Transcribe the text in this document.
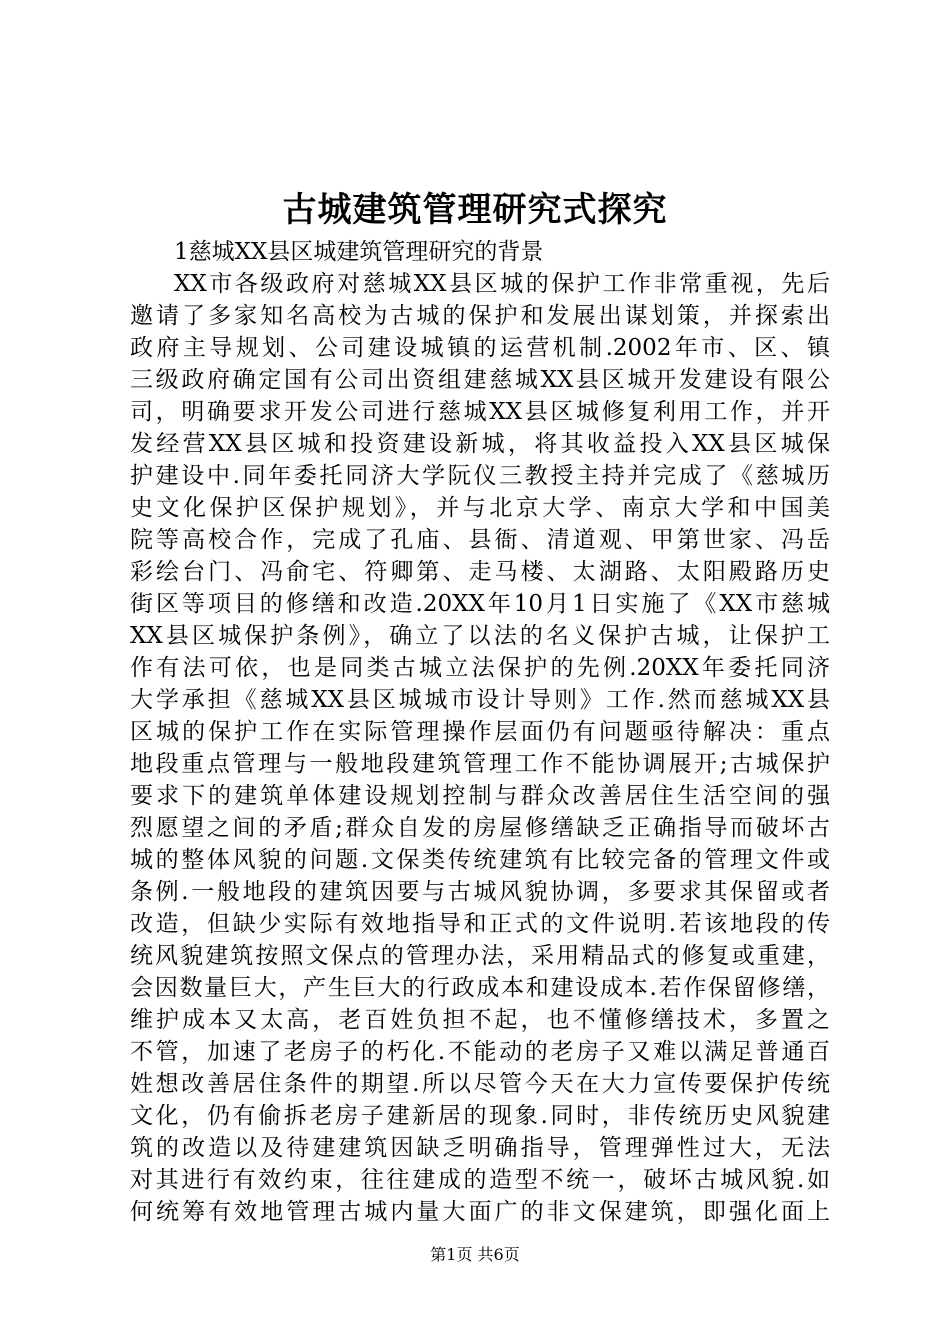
古城建筑管理研究式探究

1慈城XX县区城建筑管理研究的背景

XX市各级政府对慈城XX县区城的保护工作非常重视，先后
邀请了多家知名高校为古城的保护和发展出谋划策，并探索出
政府主导规划、公司建设城镇的运营机制.2002年市、区、镇
三级政府确定国有公司出资组建慈城XX县区城开发建设有限公
司，明确要求开发公司进行慈城XX县区城修复利用工作，并开
发经营XX县区城和投资建设新城，将其收益投入XX县区城保
护建设中.同年委托同济大学阮仪三教授主持并完成了《慈城历
史文化保护区保护规划》，并与北京大学、南京大学和中国美
院等高校合作，完成了孔庙、县衙、清道观、甲第世家、冯岳
彩绘台门、冯俞宅、符卿第、走马楼、太湖路、太阳殿路历史
街区等项目的修缮和改造.20XX年10月1日实施了《XX市慈城
XX县区城保护条例》，确立了以法的名义保护古城，让保护工
作有法可依，也是同类古城立法保护的先例.20XX年委托同济
大学承担《慈城XX县区城城市设计导则》工作.然而慈城XX县
区城的保护工作在实际管理操作层面仍有问题亟待解决：重点
地段重点管理与一般地段建筑管理工作不能协调展开;古城保护
要求下的建筑单体建设规划控制与群众改善居住生活空间的强
烈愿望之间的矛盾;群众自发的房屋修缮缺乏正确指导而破坏古
城的整体风貌的问题.文保类传统建筑有比较完备的管理文件或
条例.一般地段的建筑因要与古城风貌协调，多要求其保留或者
改造，但缺少实际有效地指导和正式的文件说明.若该地段的传
统风貌建筑按照文保点的管理办法，采用精品式的修复或重建，
会因数量巨大，产生巨大的行政成本和建设成本.若作保留修缮，
维护成本又太高，老百姓负担不起，也不懂修缮技术，多置之
不管，加速了老房子的朽化.不能动的老房子又难以满足普通百
姓想改善居住条件的期望.所以尽管今天在大力宣传要保护传统
文化，仍有偷拆老房子建新居的现象.同时，非传统历史风貌建
筑的改造以及待建建筑因缺乏明确指导，管理弹性过大，无法
对其进行有效约束，往往建成的造型不统一，破坏古城风貌.如
何统筹有效地管理古城内量大面广的非文保建筑，即强化面上

第1页 共6页
